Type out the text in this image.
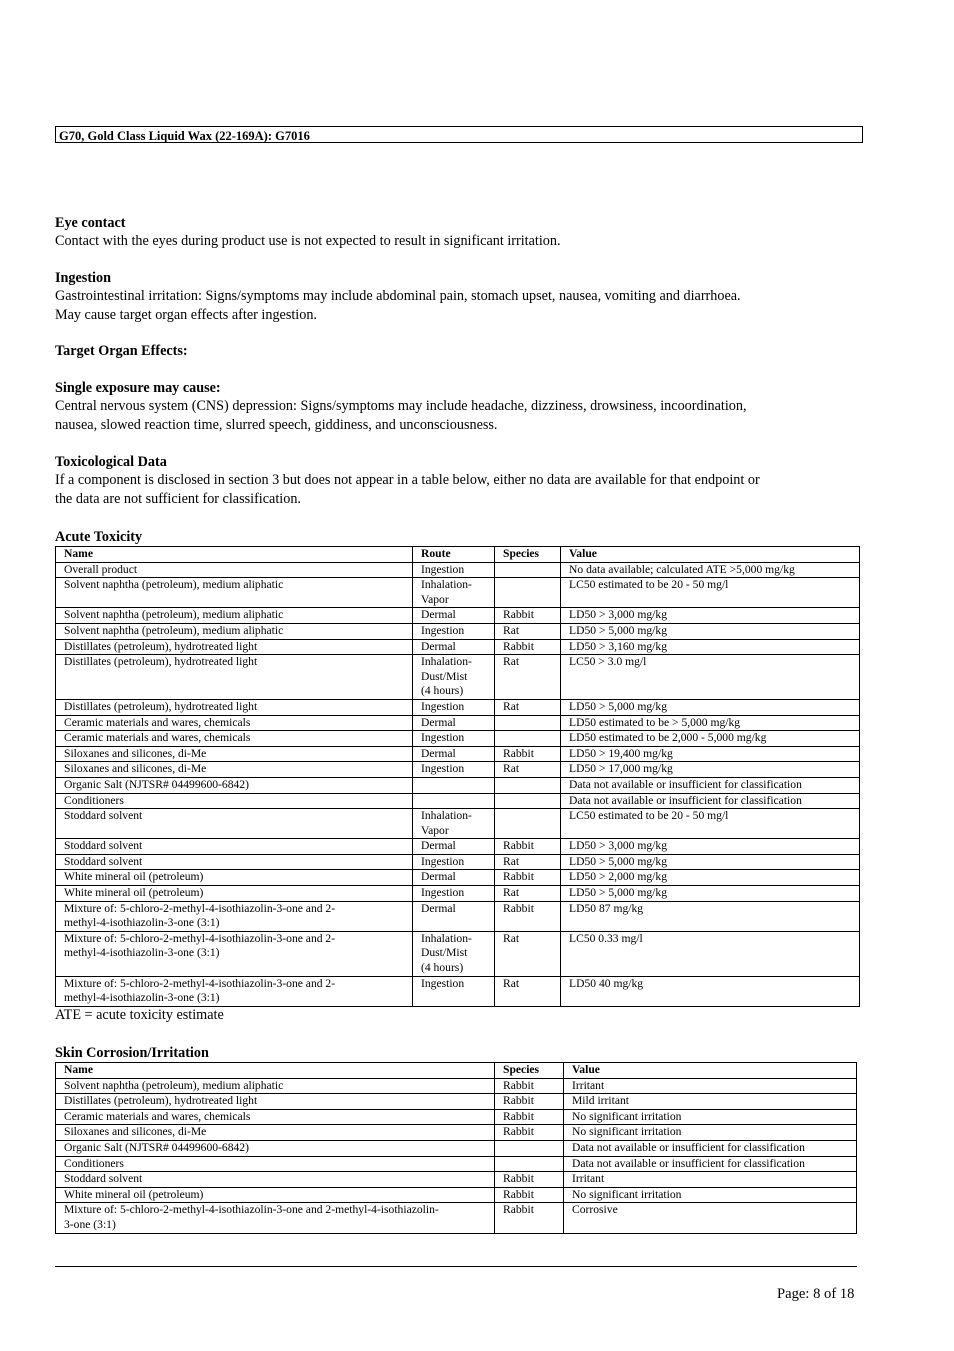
G70, Gold Class Liquid Wax (22-169A): G7016
Eye contact

Contact with the eyes during product use is not expected to result in significant irritation.

Ingestion

Gastrointestinal irritation: Signs/symptoms may include abdominal pain, stomach upset, nausea, vomiting and diarrhoea.

May cause target organ effects after ingestion.

Target Organ Effects:
Single exposure may cause:

Central nervous system (CNS) depression: Signs/symptoms may include headache, dizziness, drowsiness, incoordination,

nausea, slowed reaction time, slurred speech, giddiness, and unconsciousness.

Toxicological Data

If a component is disclosed in section 3 but does not appear in a table below, either no data are available for that endpoint or

the data are not sufficient for classification.

Acute Toxicity
Name	Route	Species	Value
Overall product	Ingestion		No data available; calculated ATE >5,000 mg/kg
Solvent naphtha (petroleum), medium aliphatic	Inhalation-
Vapor		LC50 estimated to be 20 - 50 mg/l
Solvent naphtha (petroleum), medium aliphatic	Dermal	Rabbit	LD50 > 3,000 mg/kg
Solvent naphtha (petroleum), medium aliphatic	Ingestion	Rat	LD50 > 5,000 mg/kg
Distillates (petroleum), hydrotreated light	Dermal	Rabbit	LD50 > 3,160 mg/kg
Distillates (petroleum), hydrotreated light	Inhalation-
Dust/Mist
(4 hours)	Rat	LC50 > 3.0 mg/l
Distillates (petroleum), hydrotreated light	Ingestion	Rat	LD50 > 5,000 mg/kg
Ceramic materials and wares, chemicals	Dermal		LD50 estimated to be > 5,000 mg/kg
Ceramic materials and wares, chemicals	Ingestion		LD50 estimated to be 2,000 - 5,000 mg/kg
Siloxanes and silicones, di-Me	Dermal	Rabbit	LD50 > 19,400 mg/kg
Siloxanes and silicones, di-Me	Ingestion	Rat	LD50 > 17,000 mg/kg
Organic Salt (NJTSR# 04499600-6842)			Data not available or insufficient for classification
Conditioners			Data not available or insufficient for classification
Stoddard solvent	Inhalation-
Vapor		LC50 estimated to be 20 - 50 mg/l
Stoddard solvent	Dermal	Rabbit	LD50 > 3,000 mg/kg
Stoddard solvent	Ingestion	Rat	LD50 > 5,000 mg/kg
White mineral oil (petroleum)	Dermal	Rabbit	LD50 > 2,000 mg/kg
White mineral oil (petroleum)	Ingestion	Rat	LD50 > 5,000 mg/kg
Mixture of: 5-chloro-2-methyl-4-isothiazolin-3-one and 2-
methyl-4-isothiazolin-3-one (3:1)	Dermal	Rabbit	LD50 87 mg/kg
Mixture of: 5-chloro-2-methyl-4-isothiazolin-3-one and 2-
methyl-4-isothiazolin-3-one (3:1)	Inhalation-
Dust/Mist
(4 hours)	Rat	LC50 0.33 mg/l
Mixture of: 5-chloro-2-methyl-4-isothiazolin-3-one and 2-
methyl-4-isothiazolin-3-one (3:1)	Ingestion	Rat	LD50 40 mg/kg
ATE = acute toxicity estimate
Skin Corrosion/Irritation
Name	Species	Value
Solvent naphtha (petroleum), medium aliphatic	Rabbit	Irritant
Distillates (petroleum), hydrotreated light	Rabbit	Mild irritant
Ceramic materials and wares, chemicals	Rabbit	No significant irritation
Siloxanes and silicones, di-Me	Rabbit	No significant irritation
Organic Salt (NJTSR# 04499600-6842)		Data not available or insufficient for classification
Conditioners		Data not available or insufficient for classification
Stoddard solvent	Rabbit	Irritant
White mineral oil (petroleum)	Rabbit	No significant irritation
Mixture of: 5-chloro-2-methyl-4-isothiazolin-3-one and 2-methyl-4-isothiazolin-
3-one (3:1)	Rabbit	Corrosive
Page: 8 of 18
